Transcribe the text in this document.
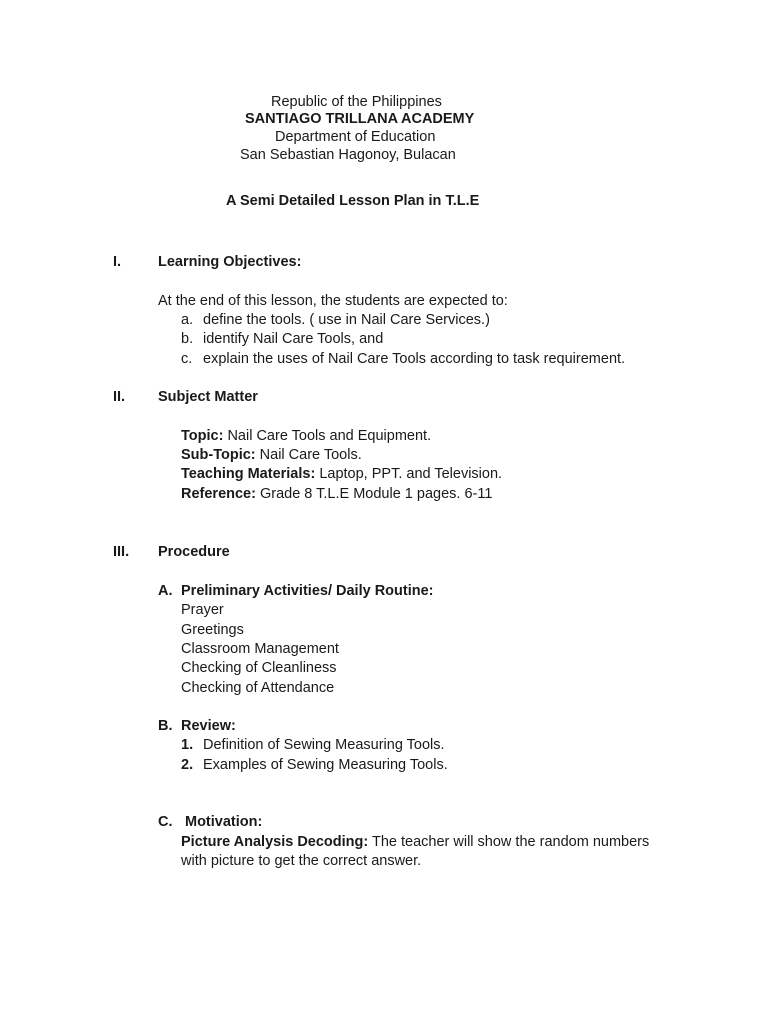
Republic of the Philippines
SANTIAGO TRILLANA ACADEMY
Department of Education
San Sebastian Hagonoy, Bulacan
A Semi Detailed Lesson Plan in T.L.E
I.	Learning Objectives:
At the end of this lesson, the students are expected to:
a. define the tools. ( use in Nail Care Services.)
b. identify Nail Care Tools, and
c. explain the uses of Nail Care Tools according to task requirement.
II. Subject Matter
Topic: Nail Care Tools and Equipment.
Sub-Topic: Nail Care Tools.
Teaching Materials: Laptop, PPT. and Television.
Reference: Grade 8 T.L.E Module 1 pages. 6-11
III. Procedure
A. Preliminary Activities/ Daily Routine:
Prayer
Greetings
Classroom Management
Checking of Cleanliness
Checking of Attendance
B. Review:
1. Definition of Sewing Measuring Tools.
2. Examples of Sewing Measuring Tools.
C. Motivation:
Picture Analysis Decoding: The teacher will show the random numbers
with picture to get the correct answer.
